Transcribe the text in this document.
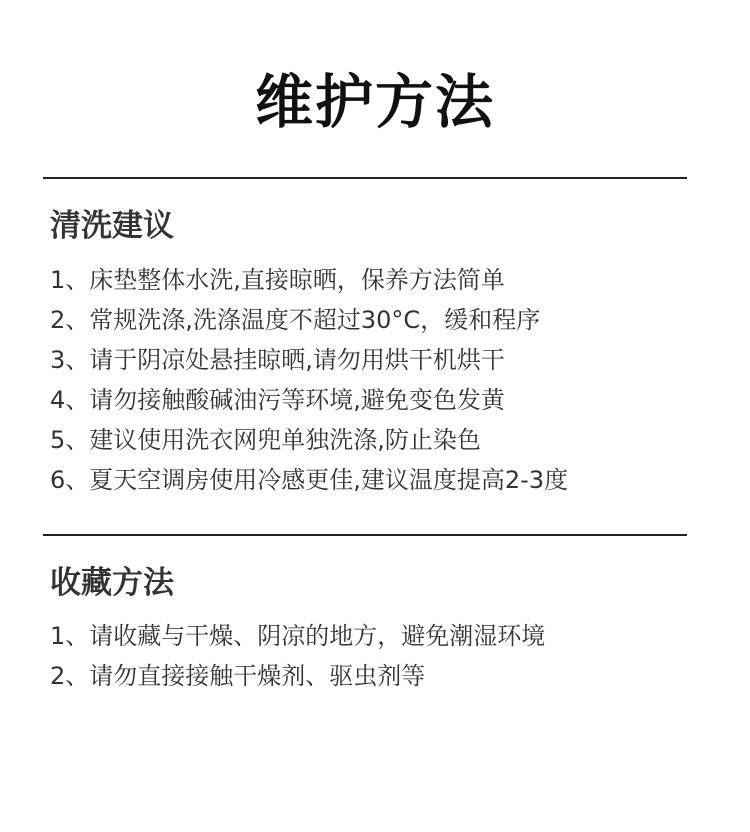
维护方法
清洗建议
1、床垫整体水洗,直接晾晒，保养方法简单
2、常规洗涤,洗涤温度不超过30°C，缓和程序
3、请于阴凉处悬挂晾晒,请勿用烘干机烘干
4、请勿接触酸碱油污等环境,避免变色发黄
5、建议使用洗衣网兜单独洗涤,防止染色
6、夏天空调房使用冷感更佳,建议温度提高2-3度
收藏方法
1、请收藏与干燥、阴凉的地方，避免潮湿环境
2、请勿直接接触干燥剂、驱虫剂等
